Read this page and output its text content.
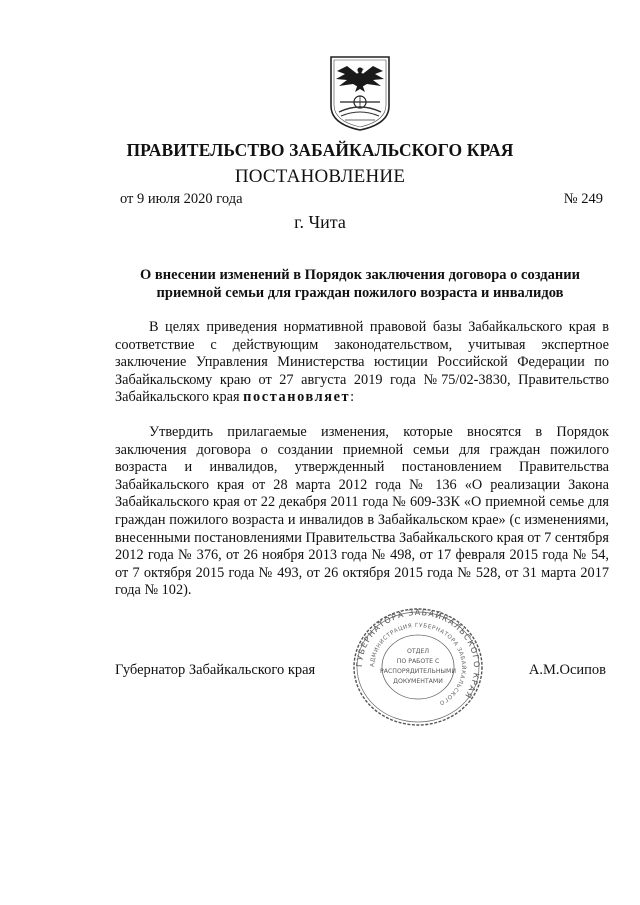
ПРАВИТЕЛЬСТВО ЗАБАЙКАЛЬСКОГО КРАЯ
ПОСТАНОВЛЕНИЕ
от 9 июля 2020 года	№ 249
г. Чита
О внесении изменений в Порядок заключения договора о создании приемной семьи для граждан пожилого возраста и инвалидов

В целях приведения нормативной правовой базы Забайкальского края в соответствие с действующим законодательством, учитывая экспертное заключение Управления Министерства юстиции Российской Федерации по Забайкальскому краю от 27 августа 2019 года №75/02-3830, Правительство Забайкальского края постановляет:

Утвердить прилагаемые изменения, которые вносятся в Порядок заключения договора о создании приемной семьи для граждан пожилого возраста и инвалидов, утвержденный постановлением Правительства Забайкальского края от 28 марта 2012 года № 136 «О реализации Закона Забайкальского края от 22 декабря 2011 года № 609-ЗЗК «О приемной семье для граждан пожилого возраста и инвалидов в Забайкальском крае» (с изменениями, внесенными постановлениями Правительства Забайкальского края от 7 сентября 2012 года № 376, от 26 ноября 2013 года № 498, от 17 февраля 2015 года № 54, от 7 октября 2015 года № 493, от 26 октября 2015 года № 528, от 31 марта 2017 года № 102).

Губернатор Забайкальского края	А.М.Осипов
ГУБЕРНАТОРА ЗАБАЙКАЛЬСКОГО КРАЯ
АДМИНИСТРАЦИЯ ГУБЕРНАТОРА ЗАБАЙКАЛЬСКОГО
ОТДЕЛ
ПО РАБОТЕ С
РАСПОРЯДИТЕЛЬНЫМИ
ДОКУМЕНТАМИ
